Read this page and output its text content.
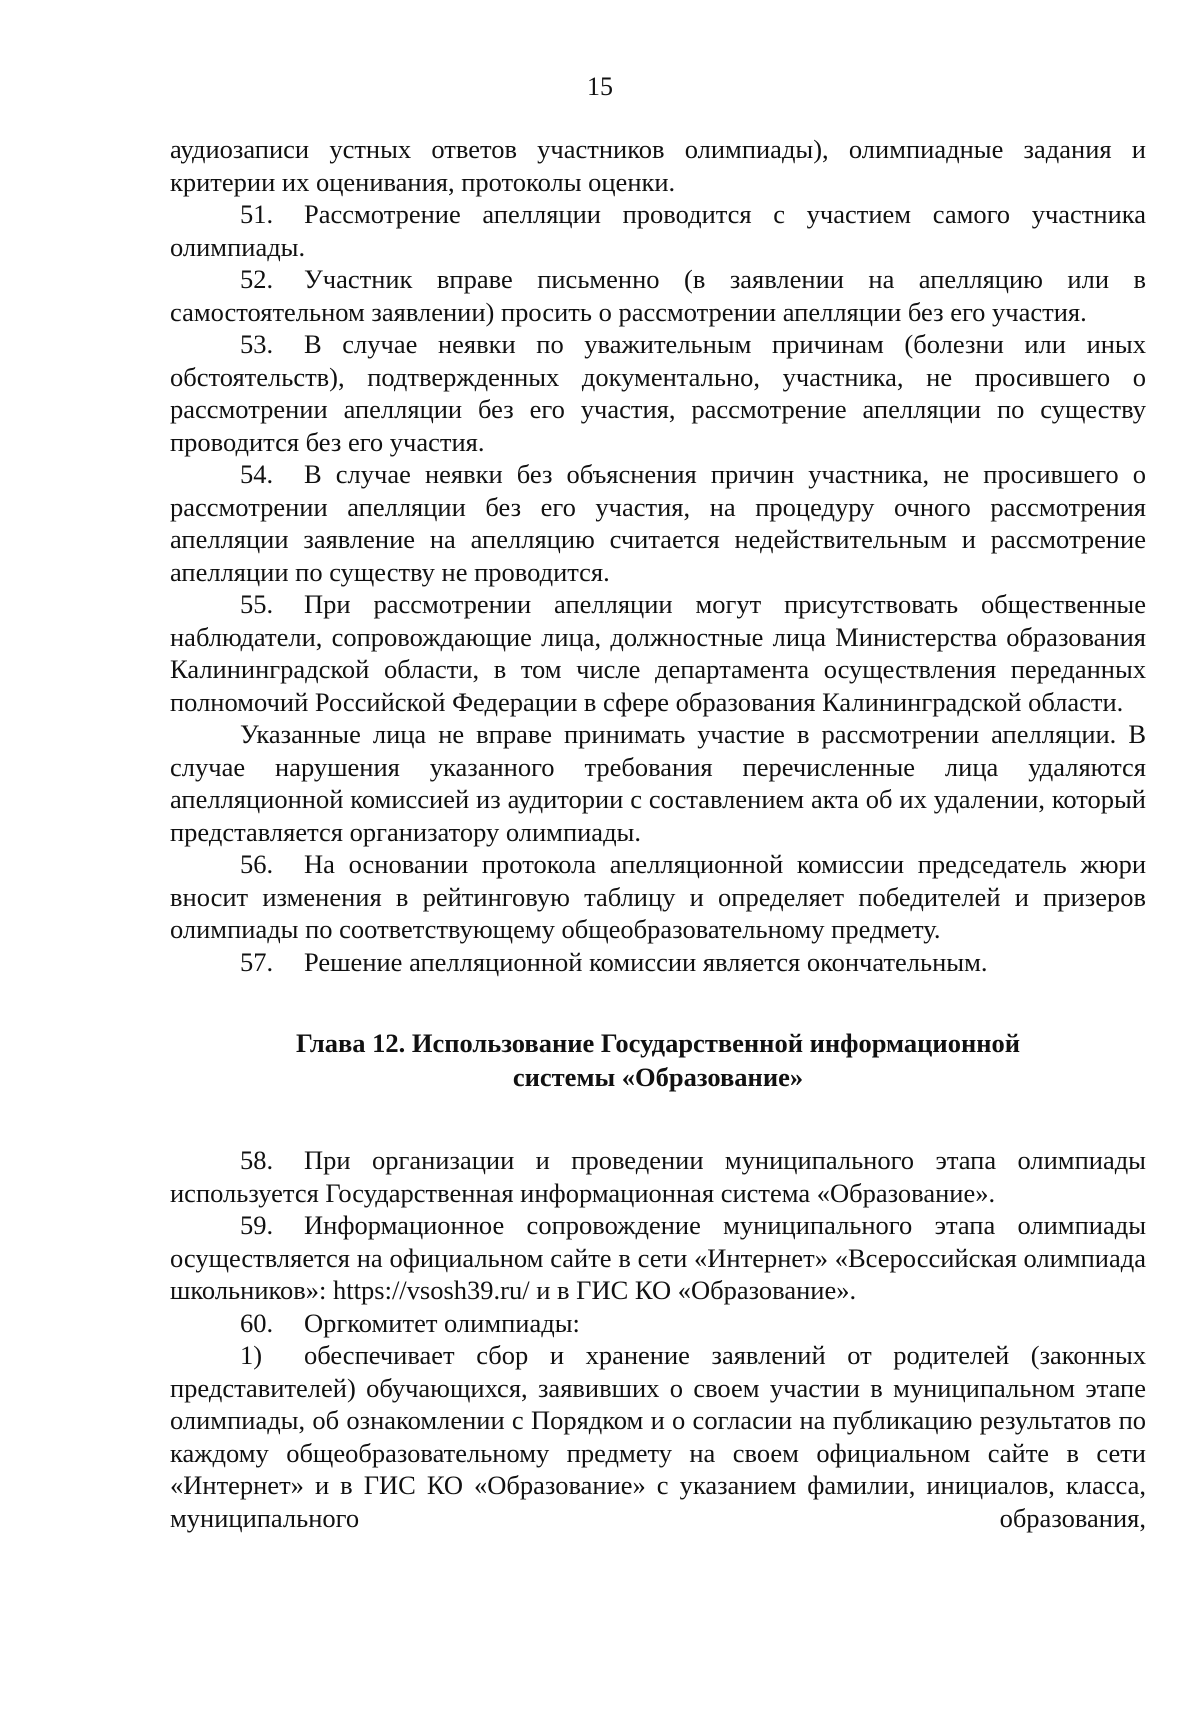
15

аудиозаписи устных ответов участников олимпиады), олимпиадные задания и критерии их оценивания, протоколы оценки.

51. Рассмотрение апелляции проводится с участием самого участника олимпиады.

52. Участник вправе письменно (в заявлении на апелляцию или в самостоятельном заявлении) просить о рассмотрении апелляции без его участия.

53. В случае неявки по уважительным причинам (болезни или иных обстоятельств), подтвержденных документально, участника, не просившего о рассмотрении апелляции без его участия, рассмотрение апелляции по существу проводится без его участия.

54. В случае неявки без объяснения причин участника, не просившего о рассмотрении апелляции без его участия, на процедуру очного рассмотрения апелляции заявление на апелляцию считается недействительным и рассмотрение апелляции по существу не проводится.

55. При рассмотрении апелляции могут присутствовать общественные наблюдатели, сопровождающие лица, должностные лица Министерства образования Калининградской области, в том числе департамента осуществления переданных полномочий Российской Федерации в сфере образования Калининградской области.

Указанные лица не вправе принимать участие в рассмотрении апелляции. В случае нарушения указанного требования перечисленные лица удаляются апелляционной комиссией из аудитории с составлением акта об их удалении, который представляется организатору олимпиады.

56. На основании протокола апелляционной комиссии председатель жюри вносит изменения в рейтинговую таблицу и определяет победителей и призеров олимпиады по соответствующему общеобразовательному предмету.

57. Решение апелляционной комиссии является окончательным.

Глава 12. Использование Государственной информационной
системы «Образование»

58. При организации и проведении муниципального этапа олимпиады используется Государственная информационная система «Образование».

59. Информационное сопровождение муниципального этапа олимпиады осуществляется на официальном сайте в сети «Интернет» «Всероссийская олимпиада школьников»: https://vsosh39.ru/ и в ГИС КО «Образование».

60. Оргкомитет олимпиады:

1) обеспечивает сбор и хранение заявлений от родителей (законных представителей) обучающихся, заявивших о своем участии в муниципальном этапе олимпиады, об ознакомлении с Порядком и о согласии на публикацию результатов по каждому общеобразовательному предмету на своем официальном сайте в сети «Интернет» и в ГИС КО «Образование» с указанием фамилии, инициалов, класса, муниципального образования,
